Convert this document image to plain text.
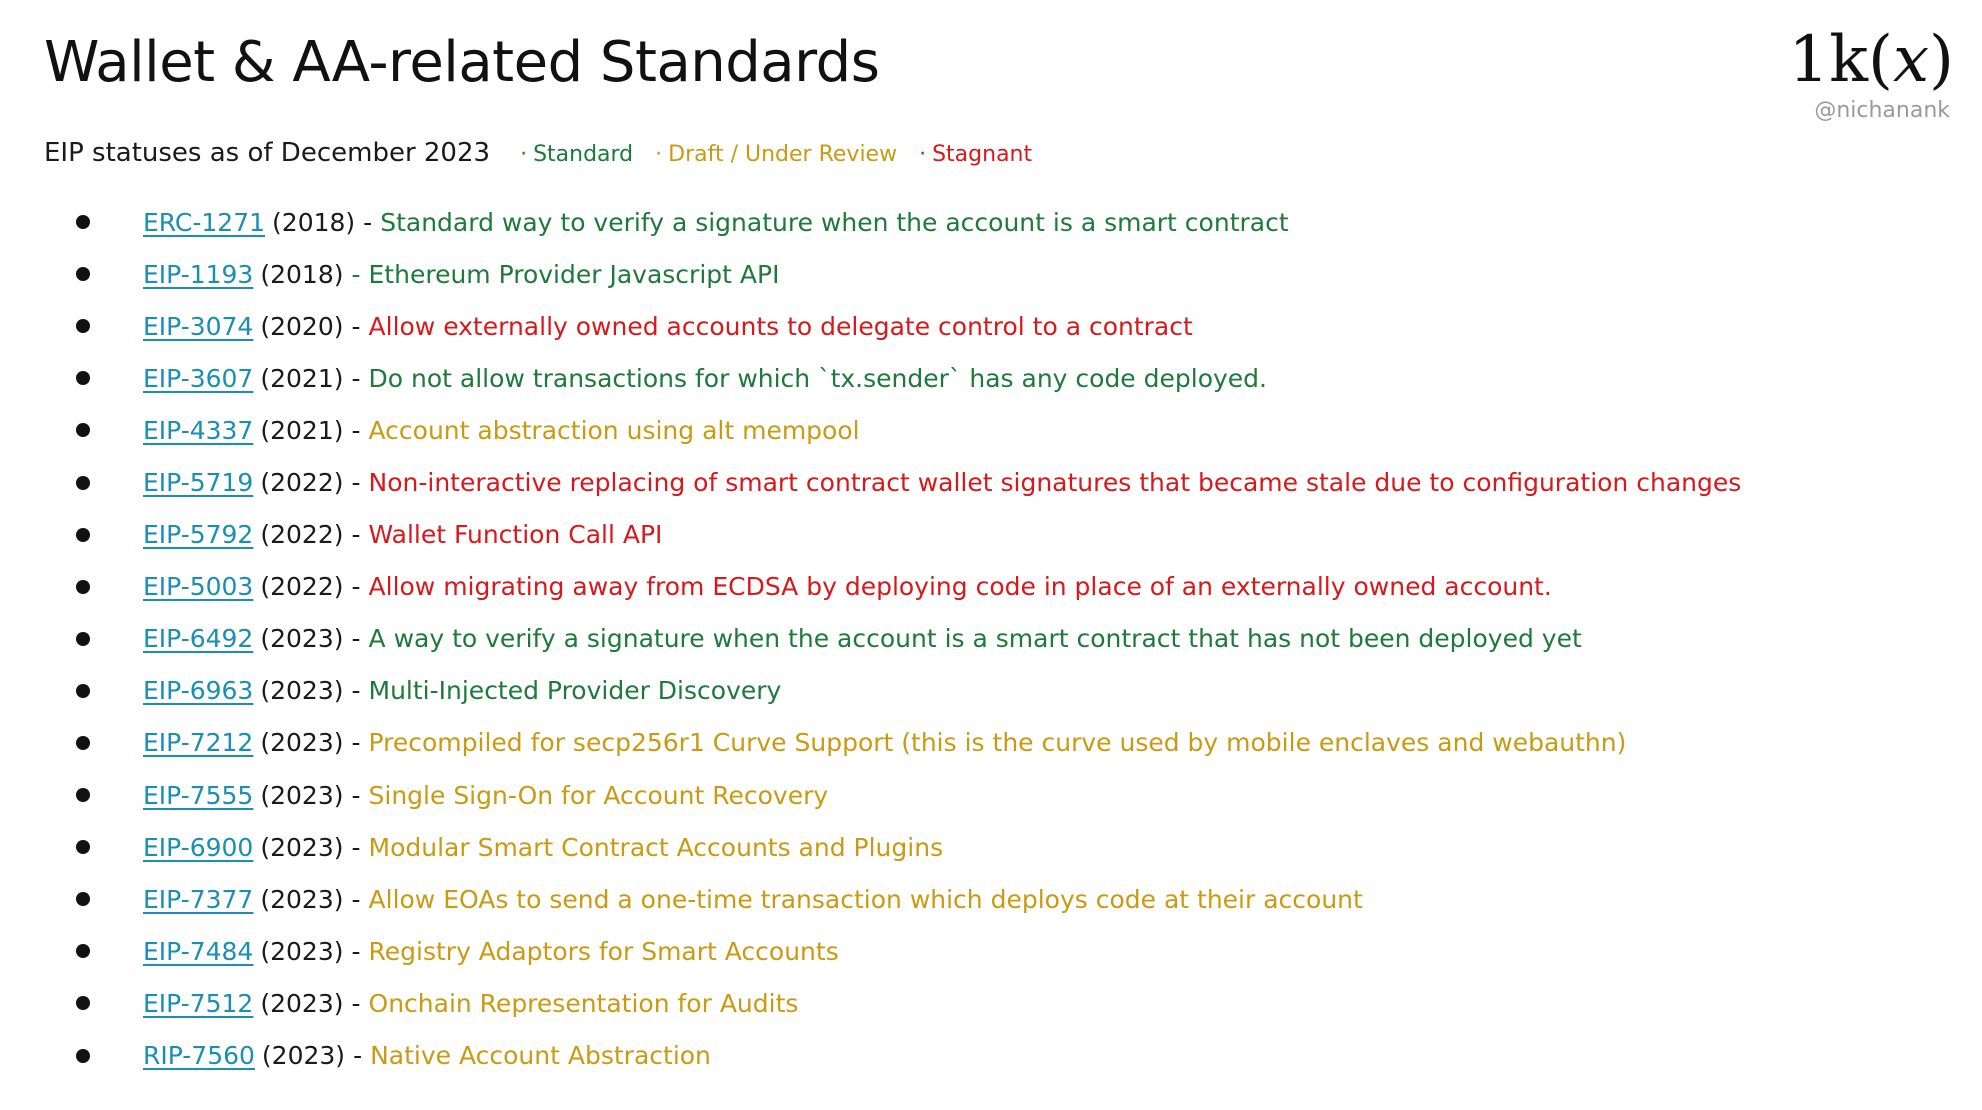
Wallet & AA-related Standards	1k(𝑥)
@nichanank
EIP statuses as of December 2023 · Standard · Draft / Under Review · Stagnant
ERC-1271 (2018) - Standard way to verify a signature when the account is a smart contract
EIP-1193 (2018) - Ethereum Provider Javascript API
EIP-3074 (2020) - Allow externally owned accounts to delegate control to a contract
EIP-3607 (2021) - Do not allow transactions for which `tx.sender` has any code deployed.
EIP-4337 (2021) - Account abstraction using alt mempool
EIP-5719 (2022) - Non-interactive replacing of smart contract wallet signatures that became stale due to configuration changes
EIP-5792 (2022) - Wallet Function Call API
EIP-5003 (2022) - Allow migrating away from ECDSA by deploying code in place of an externally owned account.
EIP-6492 (2023) - A way to verify a signature when the account is a smart contract that has not been deployed yet
EIP-6963 (2023) - Multi-Injected Provider Discovery
EIP-7212 (2023) - Precompiled for secp256r1 Curve Support (this is the curve used by mobile enclaves and webauthn)
EIP-7555 (2023) - Single Sign-On for Account Recovery
EIP-6900 (2023) - Modular Smart Contract Accounts and Plugins
EIP-7377 (2023) - Allow EOAs to send a one-time transaction which deploys code at their account
EIP-7484 (2023) - Registry Adaptors for Smart Accounts
EIP-7512 (2023) - Onchain Representation for Audits
RIP-7560 (2023) - Native Account Abstraction
